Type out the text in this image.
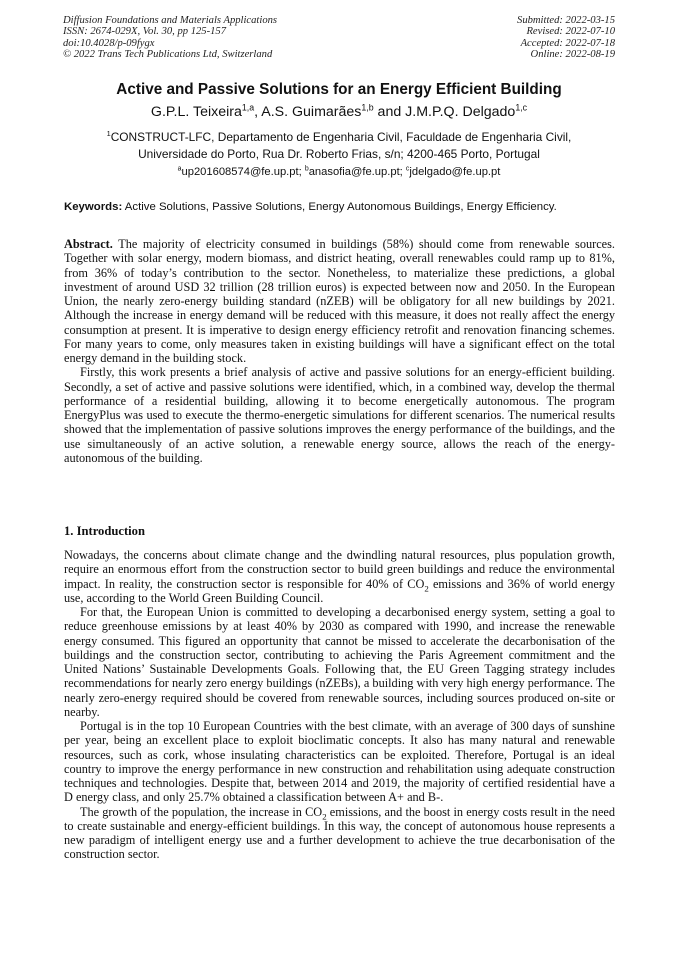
Diffusion Foundations and Materials Applications
ISSN: 2674-029X, Vol. 30, pp 125-157
doi:10.4028/p-09fygx
© 2022 Trans Tech Publications Ltd, Switzerland
Submitted: 2022-03-15
Revised: 2022-07-10
Accepted: 2022-07-18
Online: 2022-08-19
Active and Passive Solutions for an Energy Efficient Building
G.P.L. Teixeira$^{1,a}$, A.S. Guimarães$^{1,b}$ and J.M.P.Q. Delgado$^{1,c}$
$^1$CONSTRUCT-LFC, Departamento de Engenharia Civil, Faculdade de Engenharia Civil,
Universidade do Porto, Rua Dr. Roberto Frias, s/n; 4200-465 Porto, Portugal
$^a$up201608574@fe.up.pt; $^b$anasofia@fe.up.pt; $^c$jdelgado@fe.up.pt
Keywords: Active Solutions, Passive Solutions, Energy Autonomous Buildings, Energy Efficiency.

Abstract. The majority of electricity consumed in buildings (58%) should come from renewable sources. Together with solar energy, modern biomass, and district heating, overall renewables could ramp up to 81%, from 36% of today’s contribution to the sector. Nonetheless, to materialize these predictions, a global investment of around USD 32 trillion (28 trillion euros) is expected between now and 2050. In the European Union, the nearly zero-energy building standard (nZEB) will be obligatory for all new buildings by 2021. Although the increase in energy demand will be reduced with this measure, it does not really affect the energy consumption at present. It is imperative to design energy efficiency retrofit and renovation financing schemes. For many years to come, only measures taken in existing buildings will have a significant effect on the total energy demand in the building stock.

Firstly, this work presents a brief analysis of active and passive solutions for an energy-efficient building. Secondly, a set of active and passive solutions were identified, which, in a combined way, develop the thermal performance of a residential building, allowing it to become energetically autonomous. The program EnergyPlus was used to execute the thermo-energetic simulations for different scenarios. The numerical results showed that the implementation of passive solutions improves the energy performance of the buildings, and the use simultaneously of an active solution, a renewable energy source, allows the reach of the energy-autonomous of the building.

1. Introduction

Nowadays, the concerns about climate change and the dwindling natural resources, plus population growth, require an enormous effort from the construction sector to build green buildings and reduce the environmental impact. In reality, the construction sector is responsible for 40% of $CO_2$ emissions and 36% of world energy use, according to the World Green Building Council.

For that, the European Union is committed to developing a decarbonised energy system, setting a goal to reduce greenhouse emissions by at least 40% by 2030 as compared with 1990, and increase the renewable energy consumed. This figured an opportunity that cannot be missed to accelerate the decarbonisation of the buildings and the construction sector, contributing to achieving the Paris Agreement commitment and the United Nations’ Sustainable Developments Goals. Following that, the EU Green Tagging strategy includes recommendations for nearly zero energy buildings (nZEBs), a building with very high energy performance. The nearly zero-energy required should be covered from renewable sources, including sources produced on-site or nearby.

Portugal is in the top 10 European Countries with the best climate, with an average of 300 days of sunshine per year, being an excellent place to exploit bioclimatic concepts. It also has many natural and renewable resources, such as cork, whose insulating characteristics can be exploited. Therefore, Portugal is an ideal country to improve the energy performance in new construction and rehabilitation using adequate construction techniques and technologies. Despite that, between 2014 and 2019, the majority of certified residential have a D energy class, and only 25.7% obtained a classification between A+ and B-.

The growth of the population, the increase in $CO_2$ emissions, and the boost in energy costs result in the need to create sustainable and energy-efficient buildings. In this way, the concept of autonomous house represents a new paradigm of intelligent energy use and a further development to achieve the true decarbonisation of the construction sector.
